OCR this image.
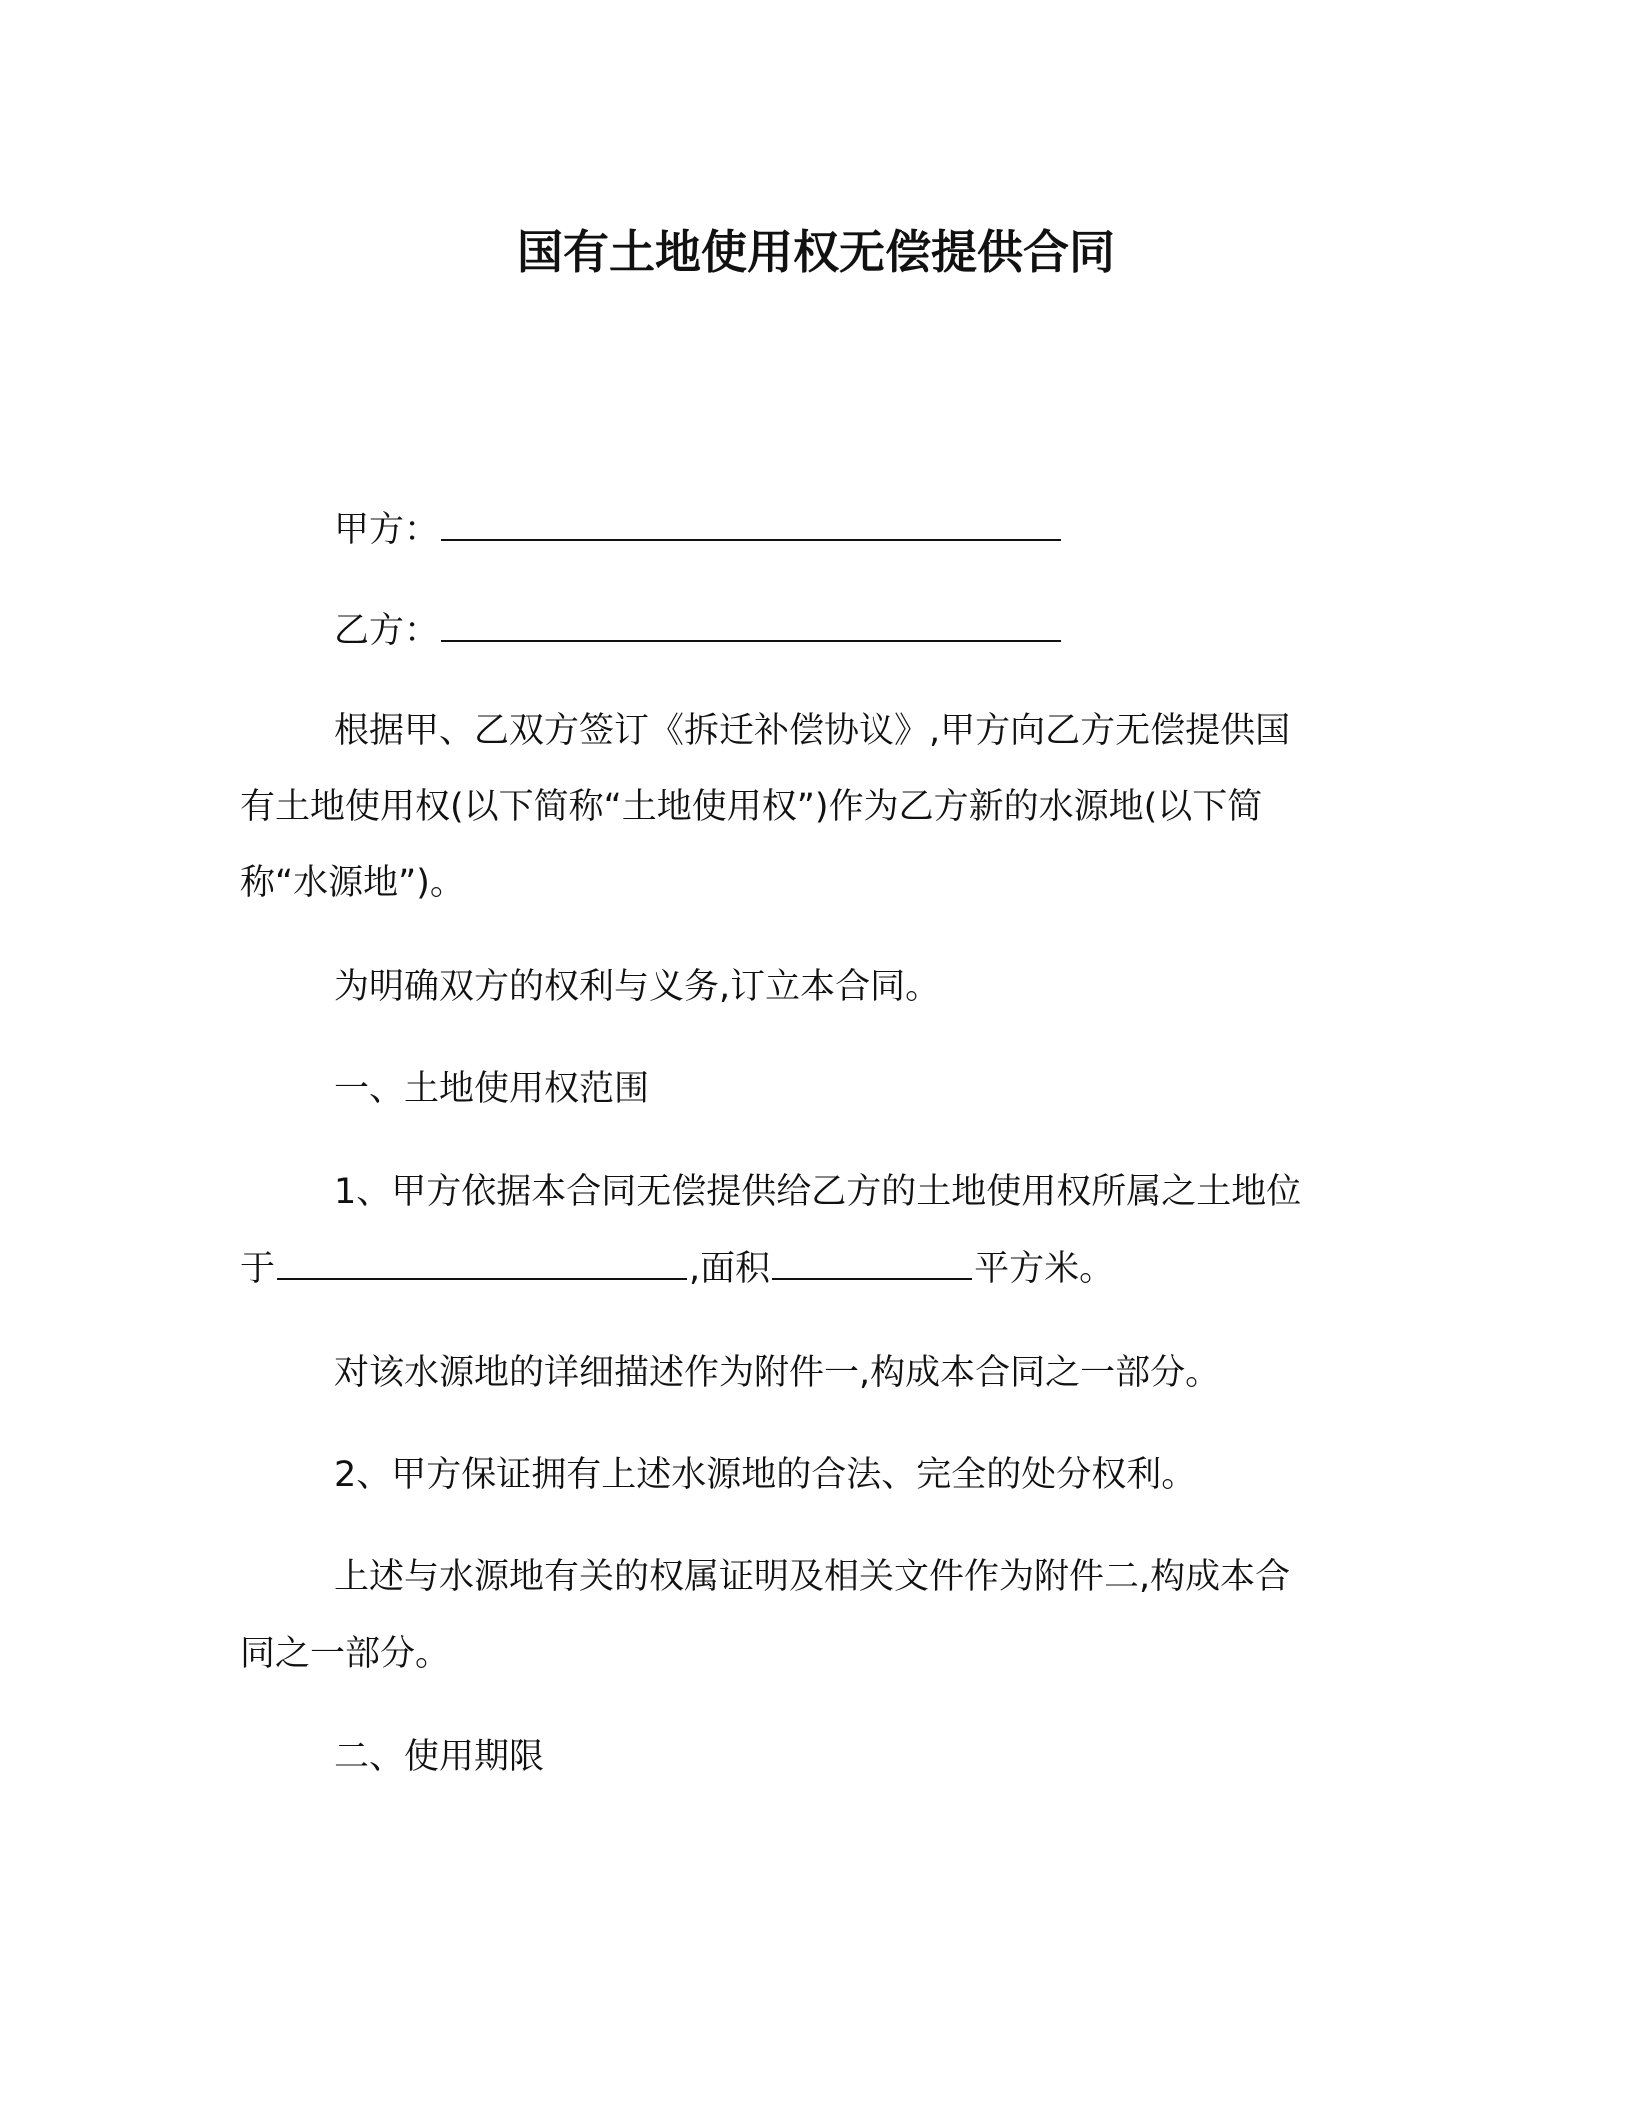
国有土地使用权无偿提供合同
甲方：
乙方：
根据甲、乙双方签订《拆迁补偿协议》,甲方向乙方无偿提供国
有土地使用权(以下简称“土地使用权”)作为乙方新的水源地(以下简
称“水源地”)。
为明确双方的权利与义务,订立本合同。
一、土地使用权范围
1、甲方依据本合同无偿提供给乙方的土地使用权所属之土地位
于	,面积	平方米。
对该水源地的详细描述作为附件一,构成本合同之一部分。
2、甲方保证拥有上述水源地的合法、完全的处分权利。
上述与水源地有关的权属证明及相关文件作为附件二,构成本合
同之一部分。
二、使用期限
